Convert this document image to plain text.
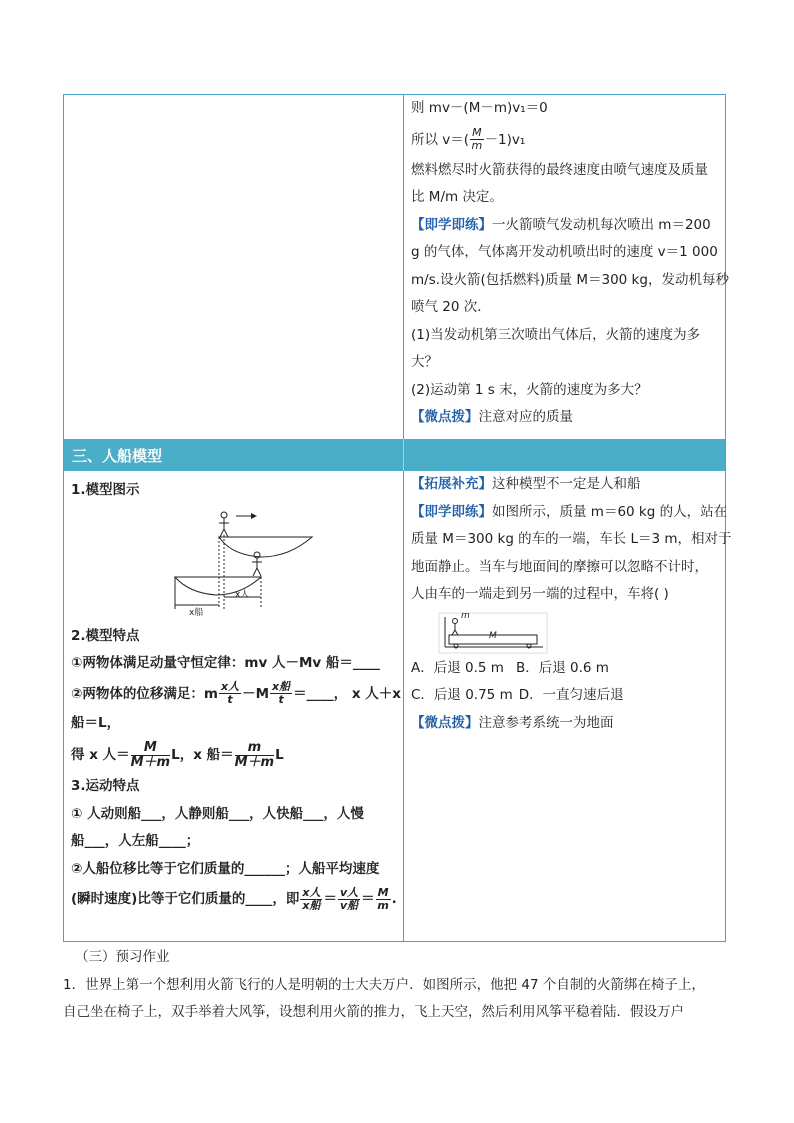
则 mv－(M－m)v₁＝0
所以 $v=( \frac{M}{m} -1)v_1$
燃料燃尽时火箭获得的最终速度由喷气速度及质量
比 M/m 决定。
【即学即练】一火箭喷气发动机每次喷出 m＝200
g 的气体，气体离开发动机喷出时的速度 v＝1 000
m/s.设火箭(包括燃料)质量 M＝300 kg，发动机每秒
喷气 20 次．
(1)当发动机第三次喷出气体后，火箭的速度为多
大？
(2)运动第 1 s 末，火箭的速度为多大？
【微点拨】注意对应的质量
三、人船模型
1.模型图示
x船
x人
2.模型特点
①两物体满足动量守恒定律：mv 人－Mv 船＝____
②两物体的位移满足：m $\frac{\text{x人}}{t} -M \frac{\text{x船}}{t}$ ＝____， x 人＋x
船＝L，
得 x 人＝ $\frac{M}{M+m}$ L，x 船＝ $\frac{m}{M+m}$ L
3.运动特点
① 人动则船___，人静则船___，人快船___，人慢
船___，人左船____；
②人船位移比等于它们质量的______；人船平均速度
(瞬时速度)比等于它们质量的____，即 $\frac{\text{x人}}{\text{x船}} = \frac{\text{v人}}{\text{v船}} = \frac{M}{m}$ .
【拓展补充】这种模型不一定是人和船
【即学即练】如图所示，质量 m＝60 kg 的人，站在
质量 M＝300 kg 的车的一端，车长 L＝3 m，相对于
地面静止。当车与地面间的摩擦可以忽略不计时，
人由车的一端走到另一端的过程中，车将( )
m
M
A．后退 0.5 m B．后退 0.6 m
C．后退 0.75 m D．一直匀速后退
【微点拨】注意参考系统一为地面
（三）预习作业
1．世界上第一个想利用火箭飞行的人是明朝的士大夫万户．如图所示，他把 47 个自制的火箭绑在椅子上，
自己坐在椅子上，双手举着大风筝，设想利用火箭的推力，飞上天空，然后利用风筝平稳着陆．假设万户
